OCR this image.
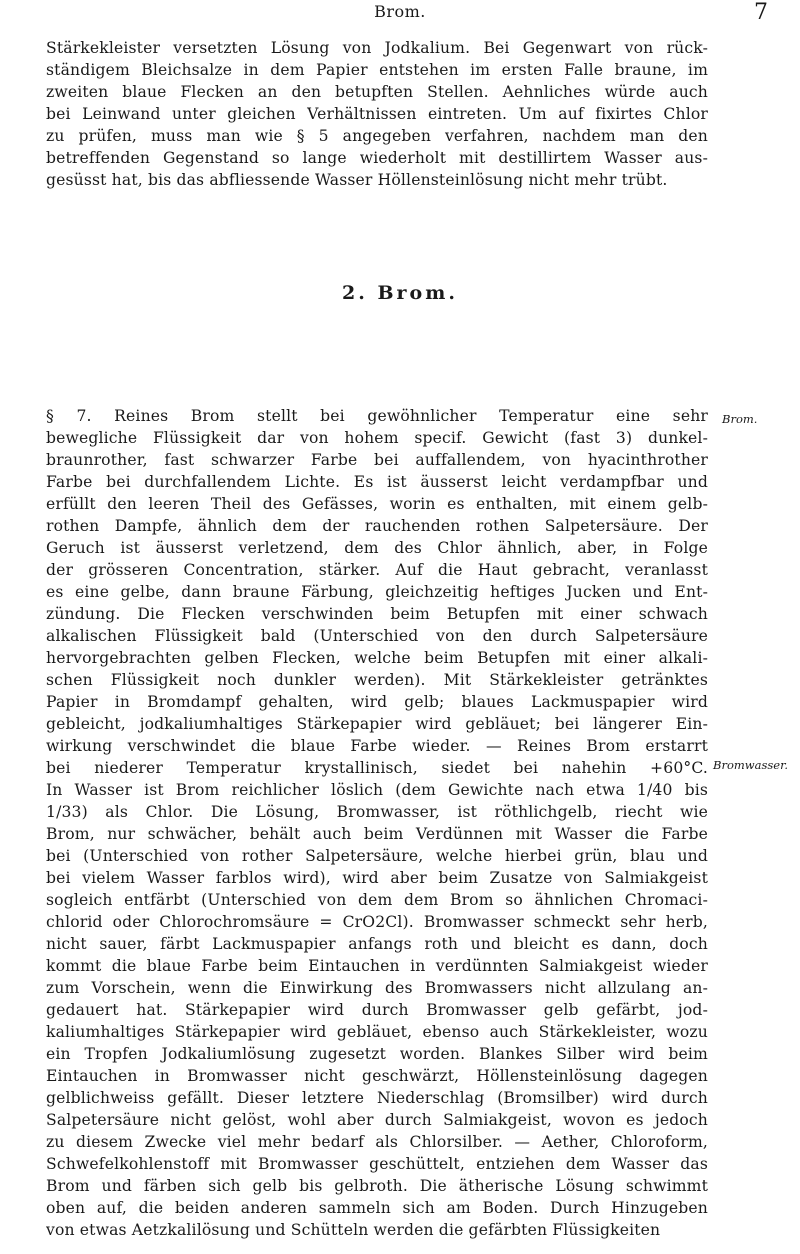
Brom.	7
Stärkekleister versetzten Lösung von Jodkalium. Bei Gegenwart von rück-
ständigem Bleichsalze in dem Papier entstehen im ersten Falle braune, im
zweiten blaue Flecken an den betupften Stellen. Aehnliches würde auch
bei Leinwand unter gleichen Verhältnissen eintreten. Um auf fixirtes Chlor
zu prüfen, muss man wie § 5 angegeben verfahren, nachdem man den
betreffenden Gegenstand so lange wiederholt mit destillirtem Wasser aus-
gesüsst hat, bis das abfliessende Wasser Höllensteinlösung nicht mehr trübt.
2. Brom.
§ 7. Reines Brom stellt bei gewöhnlicher Temperatur eine sehr
bewegliche Flüssigkeit dar von hohem specif. Gewicht (fast 3) dunkel-
braunrother, fast schwarzer Farbe bei auffallendem, von hyacinthrother
Farbe bei durchfallendem Lichte. Es ist äusserst leicht verdampfbar und
erfüllt den leeren Theil des Gefässes, worin es enthalten, mit einem gelb-
rothen Dampfe, ähnlich dem der rauchenden rothen Salpetersäure. Der
Geruch ist äusserst verletzend, dem des Chlor ähnlich, aber, in Folge
der grösseren Concentration, stärker. Auf die Haut gebracht, veranlasst
es eine gelbe, dann braune Färbung, gleichzeitig heftiges Jucken und Ent-
zündung. Die Flecken verschwinden beim Betupfen mit einer schwach
alkalischen Flüssigkeit bald (Unterschied von den durch Salpetersäure
hervorgebrachten gelben Flecken, welche beim Betupfen mit einer alkali-
schen Flüssigkeit noch dunkler werden). Mit Stärkekleister getränktes
Papier in Bromdampf gehalten, wird gelb; blaues Lackmuspapier wird
gebleicht, jodkaliumhaltiges Stärkepapier wird gebläuet; bei längerer Ein-
wirkung verschwindet die blaue Farbe wieder. — Reines Brom erstarrt
bei niederer Temperatur krystallinisch, siedet bei nahehin +60°C.
In Wasser ist Brom reichlicher löslich (dem Gewichte nach etwa 1/40 bis
1/33) als Chlor. Die Lösung, Bromwasser, ist röthlichgelb, riecht wie
Brom, nur schwächer, behält auch beim Verdünnen mit Wasser die Farbe
bei (Unterschied von rother Salpetersäure, welche hierbei grün, blau und
bei vielem Wasser farblos wird), wird aber beim Zusatze von Salmiakgeist
sogleich entfärbt (Unterschied von dem dem Brom so ähnlichen Chromaci-
chlorid oder Chlorochromsäure = CrO2Cl). Bromwasser schmeckt sehr herb,
nicht sauer, färbt Lackmuspapier anfangs roth und bleicht es dann, doch
kommt die blaue Farbe beim Eintauchen in verdünnten Salmiakgeist wieder
zum Vorschein, wenn die Einwirkung des Bromwassers nicht allzulang an-
gedauert hat. Stärkepapier wird durch Bromwasser gelb gefärbt, jod-
kaliumhaltiges Stärkepapier wird gebläuet, ebenso auch Stärkekleister, wozu
ein Tropfen Jodkaliumlösung zugesetzt worden. Blankes Silber wird beim
Eintauchen in Bromwasser nicht geschwärzt, Höllensteinlösung dagegen
gelblichweiss gefällt. Dieser letztere Niederschlag (Bromsilber) wird durch
Salpetersäure nicht gelöst, wohl aber durch Salmiakgeist, wovon es jedoch
zu diesem Zwecke viel mehr bedarf als Chlorsilber. — Aether, Chloroform,
Schwefelkohlenstoff mit Bromwasser geschüttelt, entziehen dem Wasser das
Brom und färben sich gelb bis gelbroth. Die ätherische Lösung schwimmt
oben auf, die beiden anderen sammeln sich am Boden. Durch Hinzugeben
von etwas Aetzkalilösung und Schütteln werden die gefärbten Flüssigkeiten
Brom.
Bromwasser.
